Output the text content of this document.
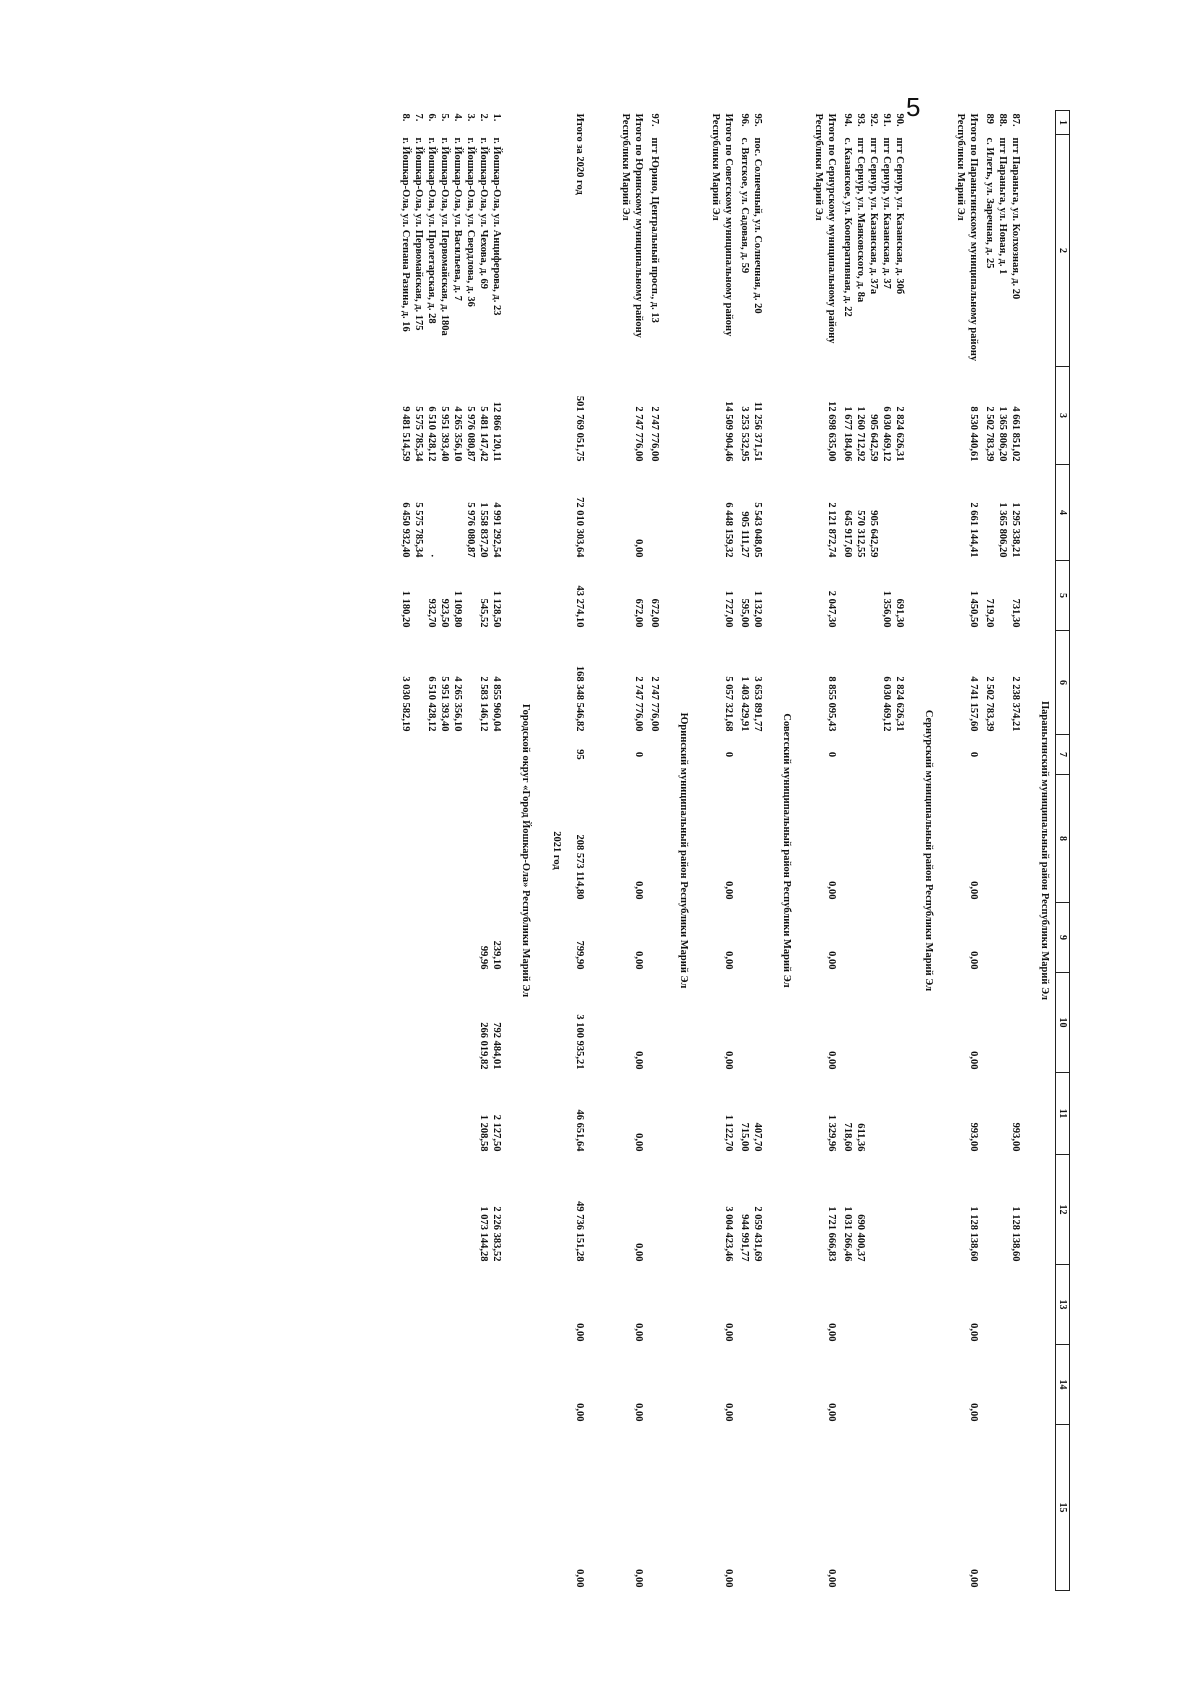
5
1	2	3	4	5	6	7	8	9	10	11	12	13	14	15
Параньгинский муниципальный район Республики Марий Эл														
87.	пгт Параньга, ул. Колхозная, д. 20	4 661 851,02	1 295 338,21	731,30	2 238 374,21					993,00	1 128 138,60			
88.	пгт Параньга, ул. Новая, д. 1	1 365 806,20	1 365 806,20											
89	с. Илеть, ул. Заречная, д. 25	2 502 783,39		719,20	2 502 783,39									
Итого по Параньгинскому муниципальному району Республики Марий Эл		8 530 440,61	2 661 144,41	1 450,50	4 741 157,60	0	0,00	0,00	0,00	993,00	1 128 138,60	0,00	0,00	0,00

Сернурский муниципальный район Республики Марий Эл														
90.	пгт Сернур, ул. Казанская, д. 30б	2 824 626,31		691,30	2 824 626,31									
91.	пгт Сернур, ул. Казанская, д. 37	6 030 469,12		1 356,00	6 030 469,12									
92.	пгт Сернур, ул. Казанская, д. 37а	905 642,59	905 642,59											
93.	пгт Сернур, ул. Маяковского, д. 8а	1 260 712,92	570 312,55							611,36	690 400,37			
94.	с. Казанское, ул. Кооперативная, д. 22	1 677 184,06	645 917,60							718,60	1 031 266,46			
Итого по Сернурскому муниципальному району Республики Марий Эл		12 698 635,00	2 121 872,74	2 047,30	8 855 095,43	0	0,00	0,00	0,00	1 329,96	1 721 666,83	0,00	0,00	0,00

Советский муниципальный район Республики Марий Эл														
95.	пос. Солнечный, ул. Солнечная, д. 20	11 256 371,51	5 543 048,05	1 132,00	3 653 891,77					407,70	2 059 431,69			
96.	с. Вятское, ул. Садовая, д. 59	3 253 532,95	905 111,27	595,00	1 403 429,91					715,00	944 991,77			
Итого по Советскому муниципальному району Республики Марий Эл		14 509 904,46	6 448 159,32	1 727,00	5 057 321,68	0	0,00	0,00	0,00	1 122,70	3 004 423,46	0,00	0,00	0,00

Юринский муниципальный район Республики Марий Эл														
97.	пгт Юрино, Центральный просп., д. 13	2 747 776,00		672,00	2 747 776,00									
Итого по Юринскому муниципальному району Республики Марий Эл		2 747 776,00	0,00	672,00	2 747 776,00	0	0,00	0,00	0,00	0,00	0,00	0,00	0,00	0,00

Итого за 2020 год		501 769 051,75	72 010 303,64	43 274,10	168 348 546,82	95	208 573 114,80	799,90	3 100 935,21	46 651,64	49 736 151,28	0,00	0,00	0,00
2021 год														
Городской округ «Город Йошкар-Ола» Республики Марий Эл														
1.	г. Йошкар-Ола, ул. Анциферова, д. 23	12 866 120,11	4 991 292,54	1 128,50	4 855 960,04			239,10	792 484,01	2 127,50	2 226 383,52			
2.	г. Йошкар-Ола, ул. Чехова, д. 69	5 481 147,42	1 558 837,20	545,52	2 583 146,12			99,96	266 019,82	1 208,58	1 073 144,28			
3.	г. Йошкар-Ола, ул. Свердлова, д. 36	5 976 080,87	5 976 080,87											
4.	г. Йошкар-Ола, ул. Васильева, д. 7	4 265 356,10		1 109,80	4 265 356,10									
5.	г. Йошкар-Ола, ул. Первомайская, д. 180а	5 951 393,40		923,50	5 951 393,40									
6.	г. Йошкар-Ола, ул. Пролетарская, д. 28	6 510 428,12	·	932,70	6 510 428,12									
7.	г. Йошкар-Ола, ул. Первомайская, д. 175	5 575 785,34	5 575 785,34											
8.	г. Йошкар-Ола, ул. Степана Разина, д. 16	9 481 514,59	6 450 932,40	1 180,20	3 030 582,19									
